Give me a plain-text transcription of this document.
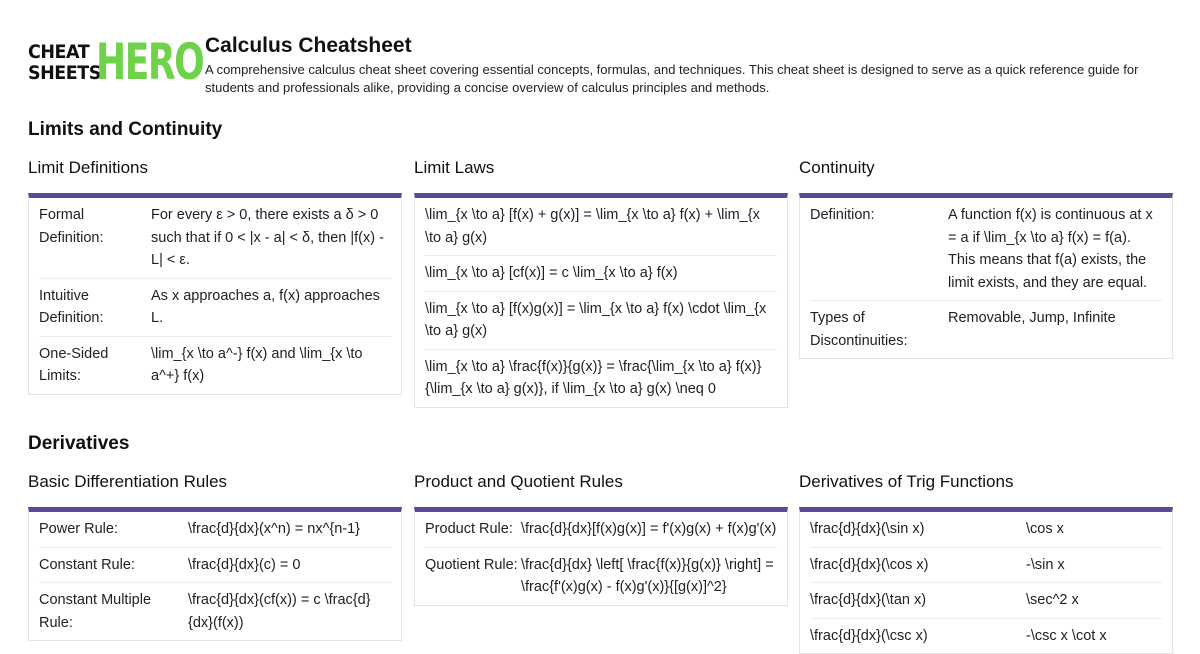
CHEAT
SHEETS
HERO Calculus Cheatsheet

A comprehensive calculus cheat sheet covering essential concepts, formulas, and techniques. This cheat sheet is designed to serve as a quick reference guide for students and professionals alike, providing a concise overview of calculus principles and methods.

Limits and Continuity
Limit Definitions
Formal Definition:
For every ε > 0, there exists a δ > 0 such that if 0 < |x - a| < δ, then |f(x) - L| < ε.
Intuitive Definition:
As x approaches a, f(x) approaches L.
One-Sided Limits:
\lim_{x \to a^-} f(x) and \lim_{x \to a^+} f(x)
Limit Laws
\lim_{x \to a} [f(x) + g(x)] = \lim_{x \to a} f(x) + \lim_{x \to a} g(x)
\lim_{x \to a} [cf(x)] = c \lim_{x \to a} f(x)
\lim_{x \to a} [f(x)g(x)] = \lim_{x \to a} f(x) \cdot \lim_{x \to a} g(x)
\lim_{x \to a} \frac{f(x)}{g(x)} = \frac{\lim_{x \to a} f(x)}{\lim_{x \to a} g(x)}, if \lim_{x \to a} g(x) \neq 0
Continuity
Definition:	A function f(x) is continuous at x = a if \lim_{x \to a} f(x) = f(a). This means that f(a) exists, the limit exists, and they are equal.
Types of Discontinuities:
Removable, Jump, Infinite
Derivatives
Basic Differentiation Rules
Power Rule:	\frac{d}{dx}(x^n) = nx^{n-1}
Constant Rule:	\frac{d}{dx}(c) = 0
Constant Multiple Rule:
\frac{d}{dx}(cf(x)) = c \frac{d}{dx}(f(x))
Product and Quotient Rules
Product Rule: \frac{d}{dx}[f(x)g(x)] = f'(x)g(x) + f(x)g'(x)
Quotient Rule: \frac{d}{dx} \left[ \frac{f(x)}{g(x)} \right] = \frac{f'(x)g(x) - f(x)g'(x)}{[g(x)]^2}
Derivatives of Trig Functions
\frac{d}{dx}(\sin x)	\cos x
\frac{d}{dx}(\cos x)	-\sin x
\frac{d}{dx}(\tan x)	\sec^2 x
\frac{d}{dx}(\csc x)	-\csc x \cot x
